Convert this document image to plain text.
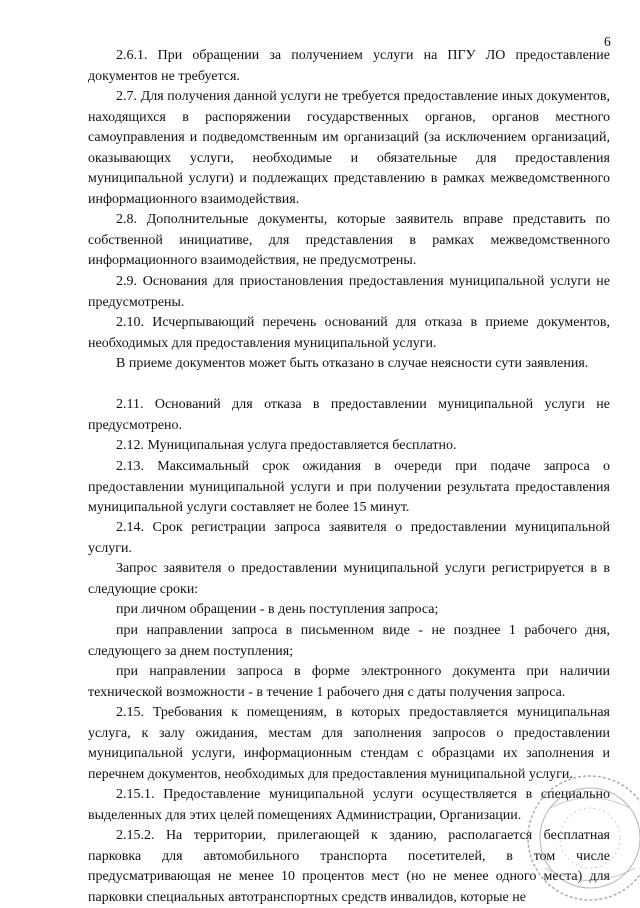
6

2.6.1. При обращении за получением услуги на ПГУ ЛО предоставление документов не требуется.

2.7. Для получения данной услуги не требуется предоставление иных документов, находящихся в распоряжении государственных органов, органов местного самоуправления и подведомственным им организаций (за исключением организаций, оказывающих услуги, необходимые и обязательные для предоставления муниципальной услуги) и подлежащих представлению в рамках межведомственного информационного взаимодействия.

2.8. Дополнительные документы, которые заявитель вправе представить по собственной инициативе, для представления в рамках межведомственного информационного взаимодействия, не предусмотрены.

2.9. Основания для приостановления предоставления муниципальной услуги не предусмотрены.

2.10. Исчерпывающий перечень оснований для отказа в приеме документов, необходимых для предоставления муниципальной услуги.

В приеме документов может быть отказано в случае неясности сути заявления.

2.11. Оснований для отказа в предоставлении муниципальной услуги не предусмотрено.

2.12. Муниципальная услуга предоставляется бесплатно.

2.13. Максимальный срок ожидания в очереди при подаче запроса о предоставлении муниципальной услуги и при получении результата предоставления муниципальной услуги составляет не более 15 минут.

2.14. Срок регистрации запроса заявителя о предоставлении муниципальной услуги.

Запрос заявителя о предоставлении муниципальной услуги регистрируется в в следующие сроки:

при личном обращении - в день поступления запроса;

при направлении запроса в письменном виде - не позднее 1 рабочего дня, следующего за днем поступления;

при направлении запроса в форме электронного документа при наличии технической возможности - в течение 1 рабочего дня с даты получения запроса.

2.15. Требования к помещениям, в которых предоставляется муниципальная услуга, к залу ожидания, местам для заполнения запросов о предоставлении муниципальной услуги, информационным стендам с образцами их заполнения и перечнем документов, необходимых для предоставления муниципальной услуги.

2.15.1. Предоставление муниципальной услуги осуществляется в специально выделенных для этих целей помещениях Администрации, Организации.

2.15.2. На территории, прилегающей к зданию, располагается бесплатная парковка для автомобильного транспорта посетителей, в том числе предусматривающая не менее 10 процентов мест (но не менее одного места) для парковки специальных автотранспортных средств инвалидов, которые не
